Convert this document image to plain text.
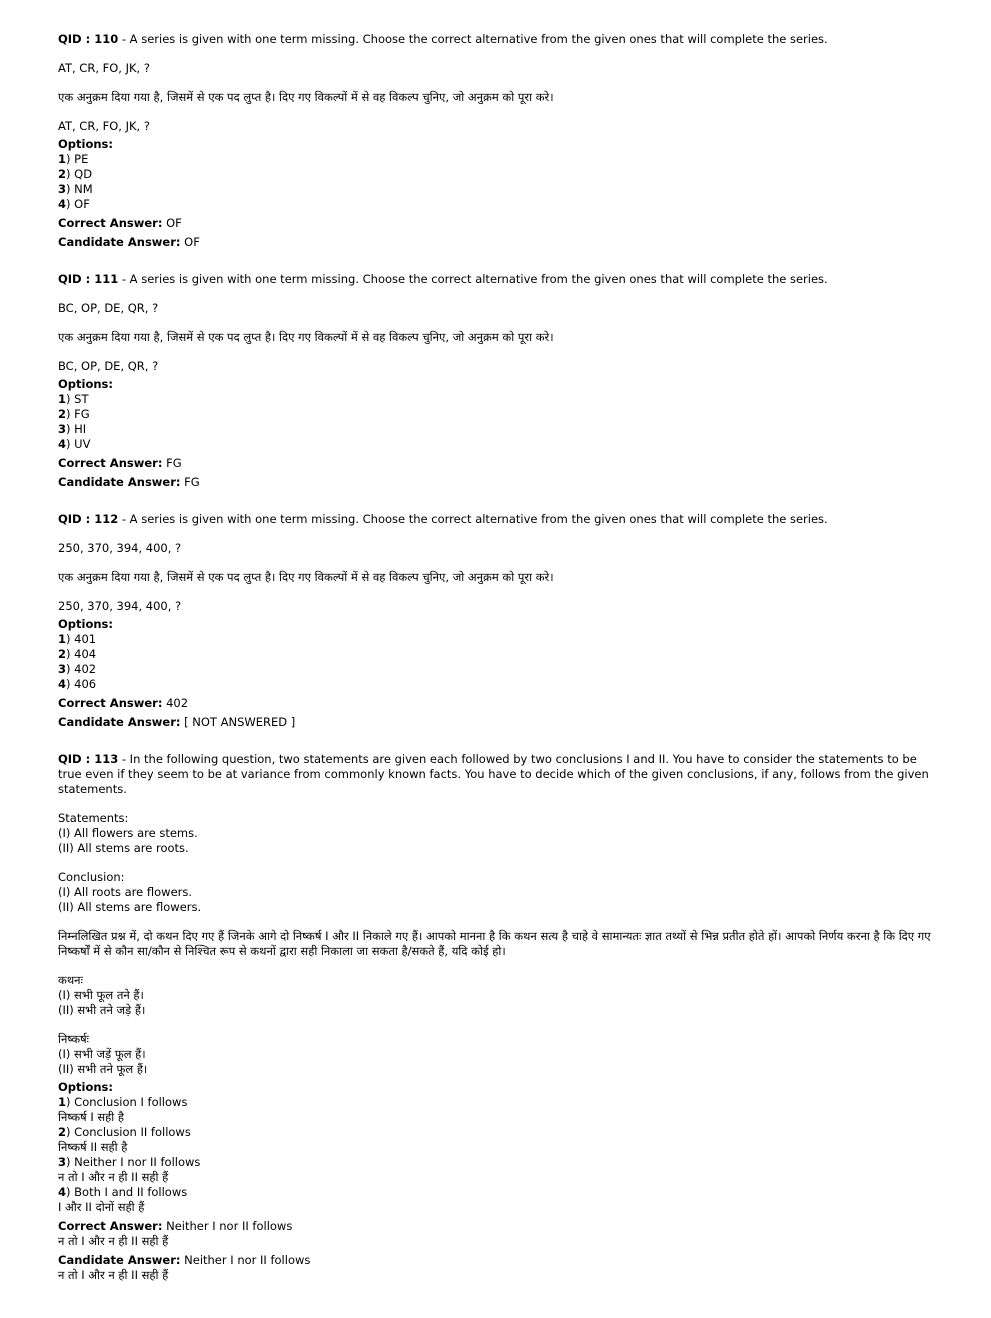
QID : 110 - A series is given with one term missing. Choose the correct alternative from the given ones that will complete the series.
AT, CR, FO, JK, ?
एक अनुक्रम दिया गया है, जिसमें से एक पद लुप्त है। दिए गए विकल्पों में से वह विकल्प चुनिए, जो अनुक्रम को पूरा करे।
AT, CR, FO, JK, ?
Options:
1) PE
2) QD
3) NM
4) OF
Correct Answer: OF
Candidate Answer: OF
QID : 111 - A series is given with one term missing. Choose the correct alternative from the given ones that will complete the series.
BC, OP, DE, QR, ?
एक अनुक्रम दिया गया है, जिसमें से एक पद लुप्त है। दिए गए विकल्पों में से वह विकल्प चुनिए, जो अनुक्रम को पूरा करे।
BC, OP, DE, QR, ?
Options:
1) ST
2) FG
3) HI
4) UV
Correct Answer: FG
Candidate Answer: FG
QID : 112 - A series is given with one term missing. Choose the correct alternative from the given ones that will complete the series.
250, 370, 394, 400, ?
एक अनुक्रम दिया गया है, जिसमें से एक पद लुप्त है। दिए गए विकल्पों में से वह विकल्प चुनिए, जो अनुक्रम को पूरा करे।
250, 370, 394, 400, ?
Options:
1) 401
2) 404
3) 402
4) 406
Correct Answer: 402
Candidate Answer: [ NOT ANSWERED ]
QID : 113 - In the following question, two statements are given each followed by two conclusions I and II. You have to consider the statements to be true even if they seem to be at variance from commonly known facts. You have to decide which of the given conclusions, if any, follows from the given statements.
Statements:
(I) All flowers are stems.
(II) All stems are roots.
Conclusion:
(I) All roots are flowers.
(II) All stems are flowers.
निम्नलिखित प्रश्न में, दो कथन दिए गए हैं जिनके आगे दो निष्कर्ष I और II निकाले गए हैं। आपको मानना है कि कथन सत्य है चाहे वे सामान्यतः ज्ञात तथ्यों से भिन्न प्रतीत होते हों। आपको निर्णय करना है कि दिए गए निष्कर्षों में से कौन सा/कौन से निश्चित रूप से कथनों द्वारा सही निकाला जा सकता है/सकते हैं, यदि कोई हो।
कथनः
(I) सभी फूल तने हैं।
(II) सभी तने जड़े हैं।
निष्कर्षः
(I) सभी जड़ें फूल हैं।
(II) सभी तने फूल हैं।
Options:
1) Conclusion I follows
निष्कर्ष I सही है
2) Conclusion II follows
निष्कर्ष II सही है
3) Neither I nor II follows
न तो I और न ही II सही हैं
4) Both I and II follows
I और II दोनों सही हैं
Correct Answer: Neither I nor II follows
न तो I और न ही II सही हैं
Candidate Answer: Neither I nor II follows
न तो I और न ही II सही हैं
